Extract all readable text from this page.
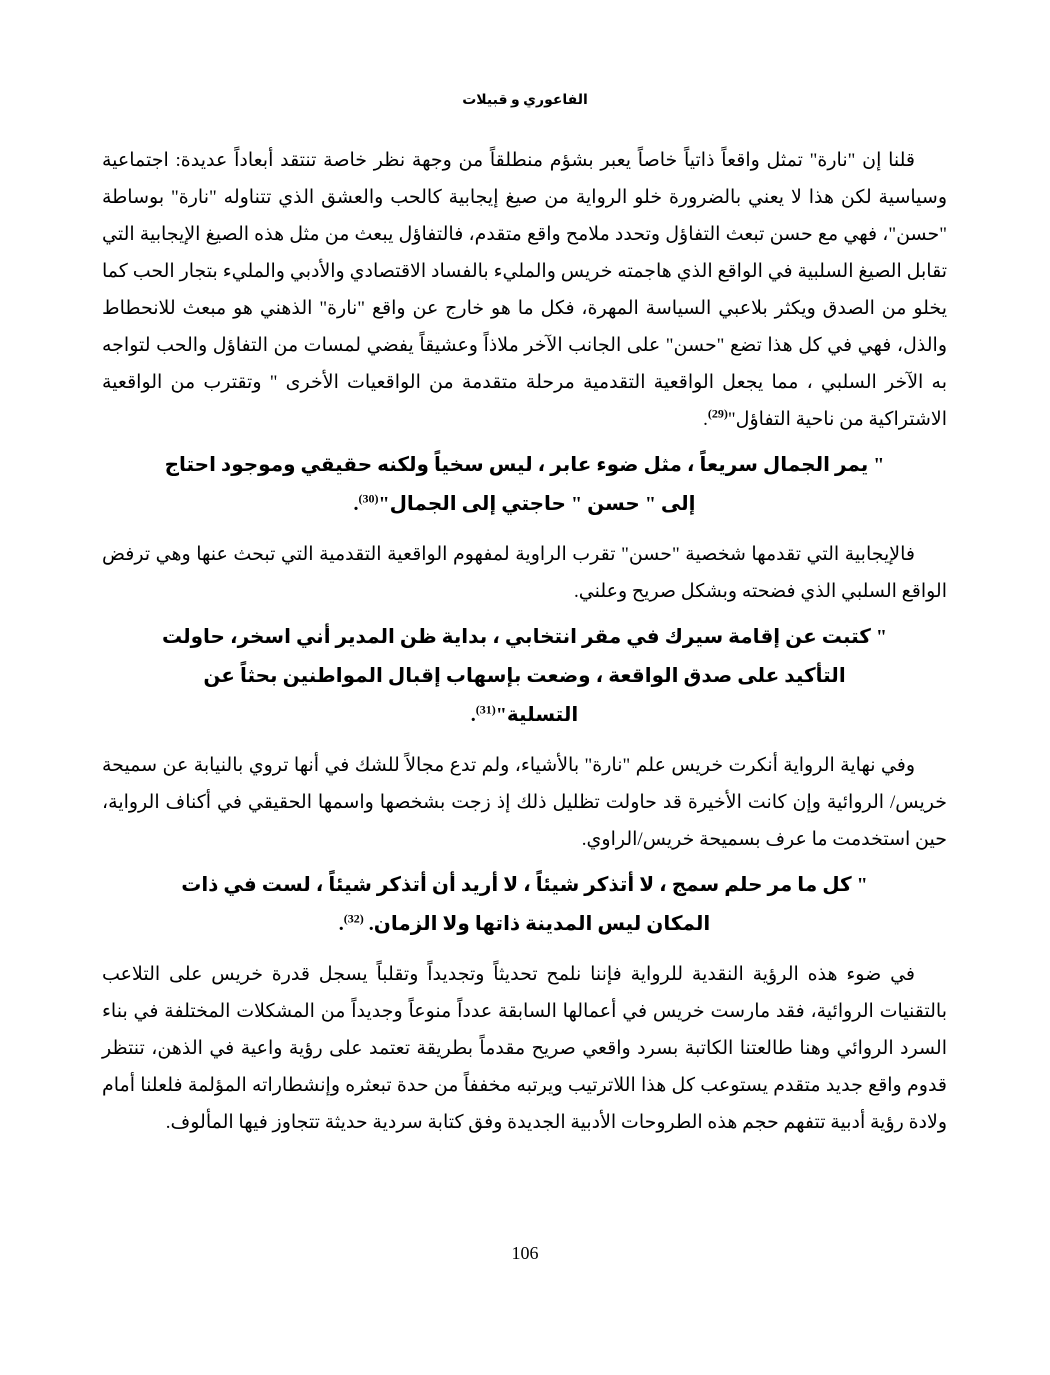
الفاعوري و قبيلات

قلنا إن "نارة" تمثل واقعاً ذاتياً خاصاً يعبر بشؤم منطلقاً من وجهة نظر خاصة تنتقد أبعاداً عديدة: اجتماعية وسياسية لكن هذا لا يعني بالضرورة خلو الرواية من صيغ إيجابية كالحب والعشق الذي تتناوله "نارة" بوساطة "حسن"، فهي مع حسن تبعث التفاؤل وتحدد ملامح واقع متقدم، فالتفاؤل يبعث من مثل هذه الصيغ الإيجابية التي تقابل الصيغ السلبية في الواقع الذي هاجمته خريس والمليء بالفساد الاقتصادي والأدبي والمليء بتجار الحب كما يخلو من الصدق ويكثر بلاعبي السياسة المهرة، فكل ما هو خارج عن واقع "نارة" الذهني هو مبعث للانحطاط والذل، فهي في كل هذا تضع "حسن" على الجانب الآخر ملاذاً وعشيقاً يفضي لمسات من التفاؤل والحب لتواجه به الآخر السلبي ، مما يجعل الواقعية التقدمية مرحلة متقدمة من الواقعيات الأخرى " وتقترب من الواقعية الاشتراكية من ناحية التفاؤل"$^{(29)}$.

" يمر الجمال سريعاً ، مثل ضوء عابر ، ليس سخياً ولكنه حقيقي وموجود احتاج إلى " حسن " حاجتي إلى الجمال"$^{(30)}$.

فالإيجابية التي تقدمها شخصية "حسن" تقرب الراوية لمفهوم الواقعية التقدمية التي تبحث عنها وهي ترفض الواقع السلبي الذي فضحته وبشكل صريح وعلني.

" كتبت عن إقامة سيرك في مقر انتخابي ، بداية ظن المدير أني اسخر، حاولت التأكيد على صدق الواقعة ، وضعت بإسهاب إقبال المواطنين بحثاً عن التسلية"$^{(31)}$.

وفي نهاية الرواية أنكرت خريس علم "نارة" بالأشياء، ولم تدع مجالاً للشك في أنها تروي بالنيابة عن سميحة خريس/ الروائية وإن كانت الأخيرة قد حاولت تظليل ذلك إذ زجت بشخصها واسمها الحقيقي في أكناف الرواية، حين استخدمت ما عرف بسميحة خريس/الراوي.

" كل ما مر حلم سمج ، لا أتذكر شيئاً ، لا أريد أن أتذكر شيئاً ، لست في ذات المكان ليس المدينة ذاتها ولا الزمان. $^{(32)}$.

في ضوء هذه الرؤية النقدية للرواية فإننا نلمح تحديثاً وتجديداً وتقلباً يسجل قدرة خريس على التلاعب بالتقنيات الروائية، فقد مارست خريس في أعمالها السابقة عدداً منوعاً وجديداً من المشكلات المختلفة في بناء السرد الروائي وهنا طالعتنا الكاتبة بسرد واقعي صريح مقدماً بطريقة تعتمد على رؤية واعية في الذهن، تنتظر قدوم واقع جديد متقدم يستوعب كل هذا اللاترتيب ويرتبه مخففاً من حدة تبعثره وإنشطاراته المؤلمة فلعلنا أمام ولادة رؤية أدبية تتفهم حجم هذه الطروحات الأدبية الجديدة وفق كتابة سردية حديثة تتجاوز فيها المألوف.

106
